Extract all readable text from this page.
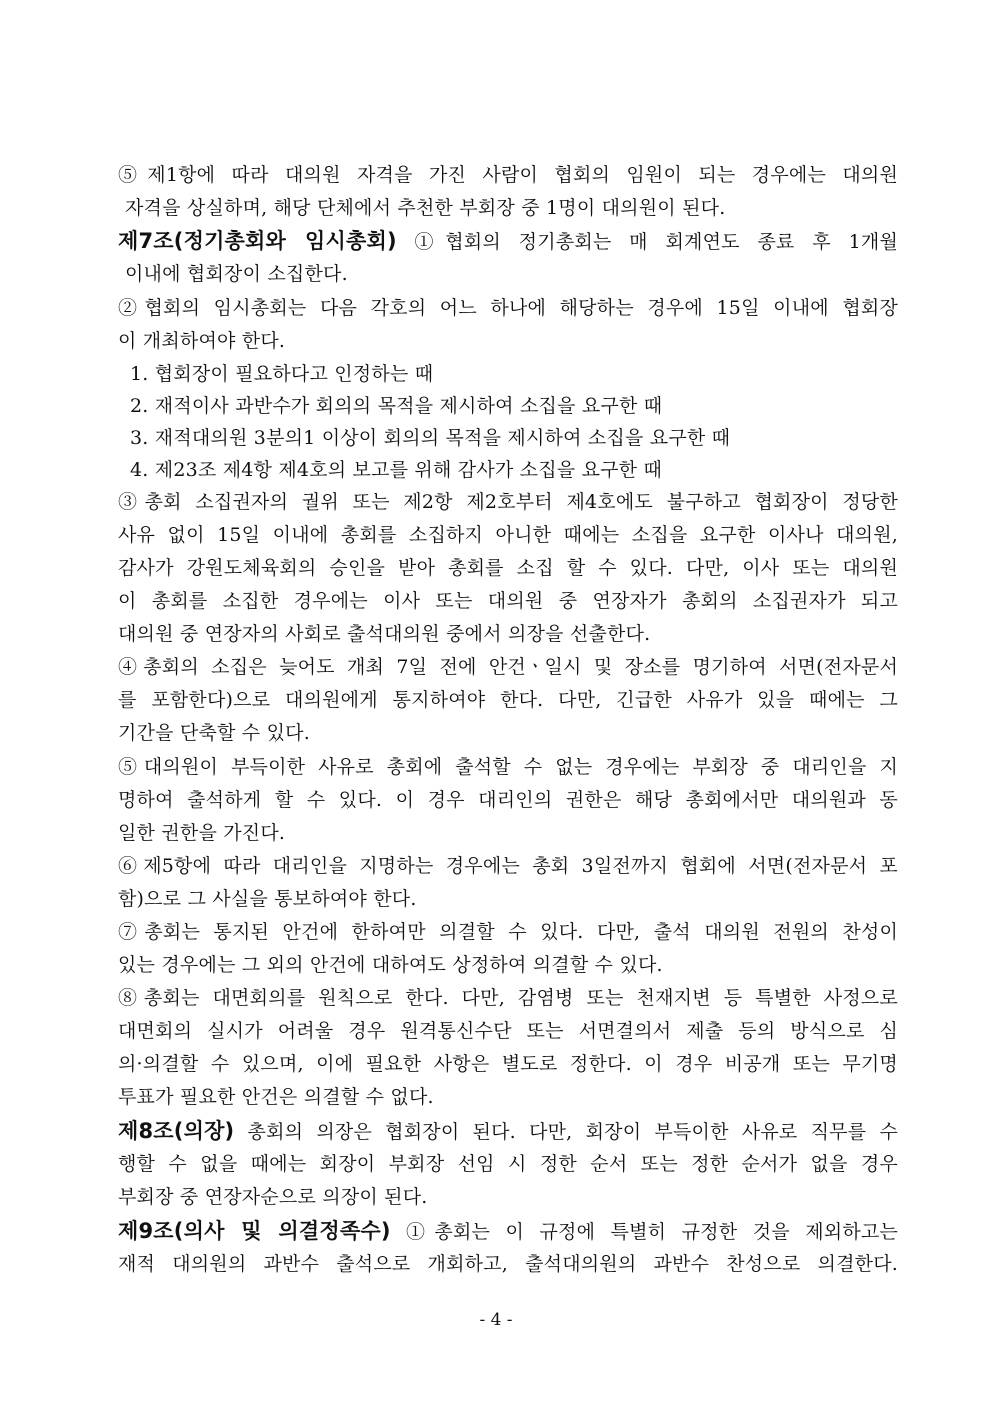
⑤제1항에 따라 대의원 자격을 가진 사람이 협회의 임원이 되는 경우에는 대의원
자격을 상실하며, 해당 단체에서 추천한 부회장 중 1명이 대의원이 된다.
제7조(정기총회와 임시총회) ①협회의 정기총회는 매 회계연도 종료 후 1개월
이내에 협회장이 소집한다.
②협회의 임시총회는 다음 각호의 어느 하나에 해당하는 경우에 15일 이내에 협회장
이 개최하여야 한다.
1. 협회장이 필요하다고 인정하는 때
2. 재적이사 과반수가 회의의 목적을 제시하여 소집을 요구한 때
3. 재적대의원 3분의1 이상이 회의의 목적을 제시하여 소집을 요구한 때
4. 제23조 제4항 제4호의 보고를 위해 감사가 소집을 요구한 때
③총회 소집권자의 궐위 또는 제2항 제2호부터 제4호에도 불구하고 협회장이 정당한
사유 없이 15일 이내에 총회를 소집하지 아니한 때에는 소집을 요구한 이사나 대의원,
감사가 강원도체육회의 승인을 받아 총회를 소집 할 수 있다. 다만, 이사 또는 대의원
이 총회를 소집한 경우에는 이사 또는 대의원 중 연장자가 총회의 소집권자가 되고
대의원 중 연장자의 사회로 출석대의원 중에서 의장을 선출한다.
④총회의 소집은 늦어도 개최 7일 전에 안건ㆍ일시 및 장소를 명기하여 서면(전자문서
를 포함한다)으로 대의원에게 통지하여야 한다. 다만, 긴급한 사유가 있을 때에는 그
기간을 단축할 수 있다.
⑤대의원이 부득이한 사유로 총회에 출석할 수 없는 경우에는 부회장 중 대리인을 지
명하여 출석하게 할 수 있다. 이 경우 대리인의 권한은 해당 총회에서만 대의원과 동
일한 권한을 가진다.
⑥제5항에 따라 대리인을 지명하는 경우에는 총회 3일전까지 협회에 서면(전자문서 포
함)으로 그 사실을 통보하여야 한다.
⑦총회는 통지된 안건에 한하여만 의결할 수 있다. 다만, 출석 대의원 전원의 찬성이
있는 경우에는 그 외의 안건에 대하여도 상정하여 의결할 수 있다.
⑧총회는 대면회의를 원칙으로 한다. 다만, 감염병 또는 천재지변 등 특별한 사정으로
대면회의 실시가 어려울 경우 원격통신수단 또는 서면결의서 제출 등의 방식으로 심
의·의결할 수 있으며, 이에 필요한 사항은 별도로 정한다. 이 경우 비공개 또는 무기명
투표가 필요한 안건은 의결할 수 없다.
제8조(의장) 총회의 의장은 협회장이 된다. 다만, 회장이 부득이한 사유로 직무를 수
행할 수 없을 때에는 회장이 부회장 선임 시 정한 순서 또는 정한 순서가 없을 경우
부회장 중 연장자순으로 의장이 된다.
제9조(의사 및 의결정족수) ①총회는 이 규정에 특별히 규정한 것을 제외하고는
재적 대의원의 과반수 출석으로 개회하고, 출석대의원의 과반수 찬성으로 의결한다.
- 4 -
